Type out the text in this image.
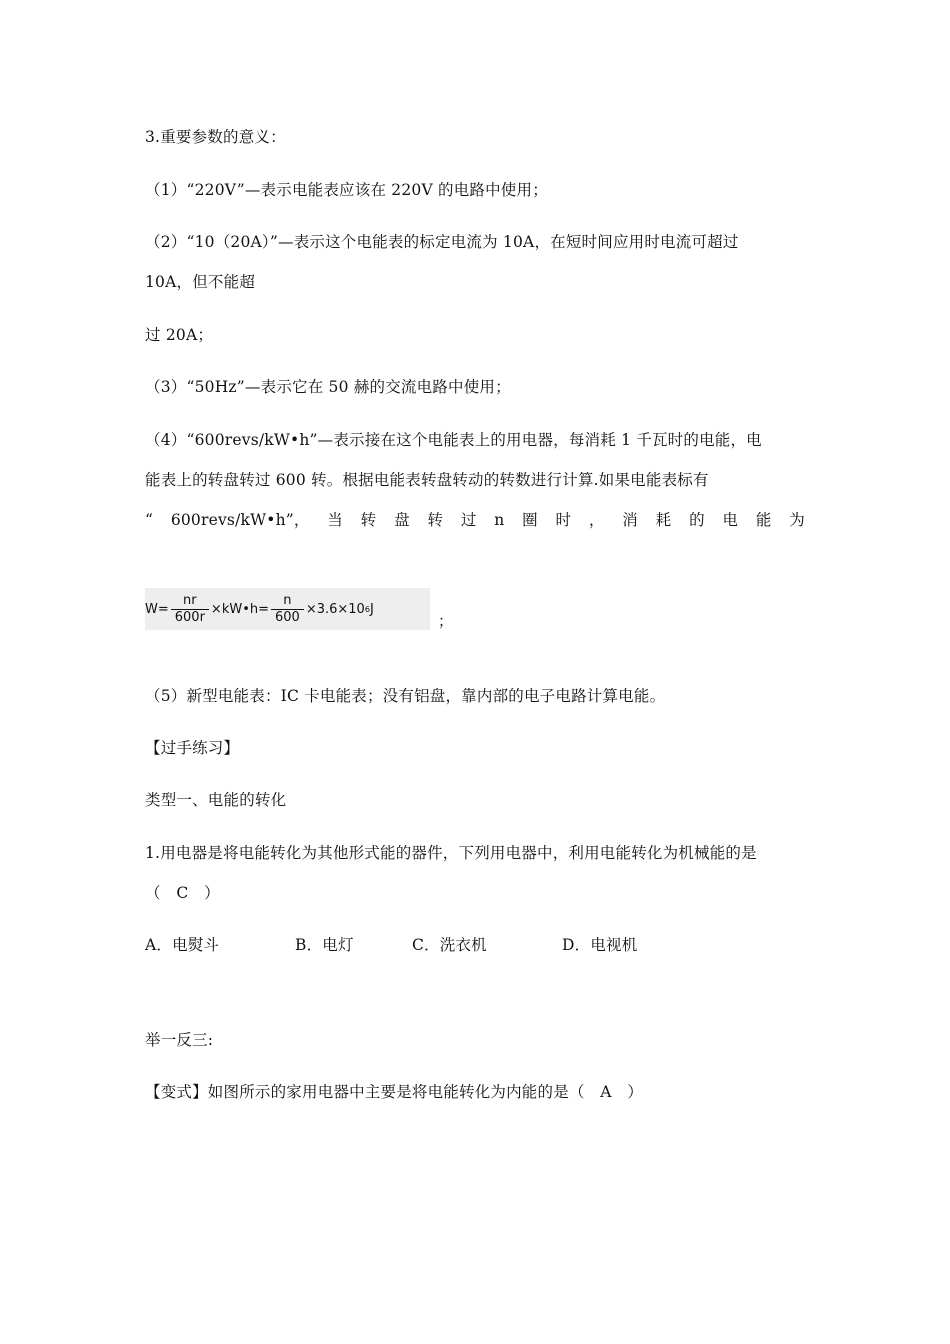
3.重要参数的意义：
（1）“220V”—表示电能表应该在 220V 的电路中使用；
（2）“10（20A）”—表示这个电能表的标定电流为 10A，在短时间应用时电流可超过
10A，但不能超
过 20A；
（3）“50Hz”—表示它在 50 赫的交流电路中使用；
（4）“600revs/kW•h”—表示接在这个电能表上的用电器，每消耗 1 千瓦时的电能，电
能表上的转盘转过 600 转。根据电能表转盘转动的转数进行计算.如果电能表标有
“ 600revs/kW•h”， 当 转 盘 转 过 n 圈 时 ， 消 耗 的 电 能 为
$W= \frac{nr}{600r}$ ×kW•h= $\frac{n}{600} \times 3.6\times 10$ 6 J
；
（5）新型电能表：IC 卡电能表；没有铝盘，靠内部的电子电路计算电能。
【过手练习】
类型一、电能的转化
1.用电器是将电能转化为其他形式能的器件，下列用电器中，利用电能转化为机械能的是
（　C　）
A．电熨斗	B．电灯	C．洗衣机	D．电视机
举一反三:
【变式】如图所示的家用电器中主要是将电能转化为内能的是（　A　）
